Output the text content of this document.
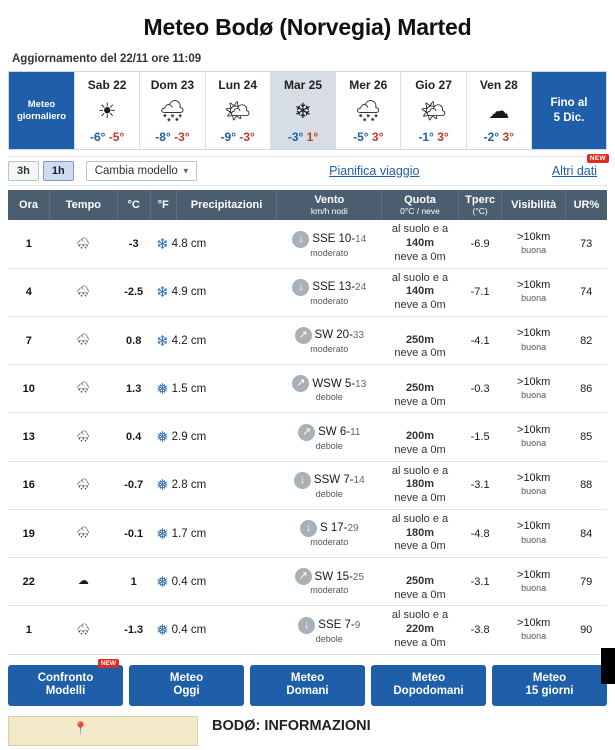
Meteo Bodø (Norvegia) Marted
Aggiornamento del 22/11 ore 11:09
Meteo
giornaliero
Sab 22
☀
-6° -5°
Dom 23
🌨
-8° -3°
Lun 24
🌤
-9° -3°
Mar 25
❄
-3° 1°
Mer 26
🌨
-5° 3°
Gio 27
🌤
-1° 3°
Ven 28
☁
-2° 3°
Fino al
5 Dic.
3h	1h	Cambia modello ▼	Pianifica viaggio	Altri dati
NEW
Ora	Tempo	°C	°F	Precipitazioni	Vento
km/h nodi	Quota
0°C / neve	Tperc
(°C)	Visibilità	UR%
1	🌨	-3	❄ 4.8 cm		↓ SSE 10-14
moderato	al suolo e a
140m
neve a 0m	-6.9	>10km
buona	73
4	🌨	-2.5	❄ 4.9 cm		↓ SSE 13-24
moderato	al suolo e a
140m
neve a 0m	-7.1	>10km
buona	74
7	🌨	0.8	❄ 4.2 cm		↗ SW 20-33
moderato	250m
neve a 0m	-4.1	>10km
buona	82
10	🌨	1.3	❅ 1.5 cm		↗ WSW 5-13
debole	250m
neve a 0m	-0.3	>10km
buona	86
13	🌨	0.4	❅ 2.9 cm		↗ SW 6-11
debole	200m
neve a 0m	-1.5	>10km
buona	85
16	🌨	-0.7	❅ 2.8 cm		↓ SSW 7-14
debole	al suolo e a
180m
neve a 0m	-3.1	>10km
buona	88
19	🌨	-0.1	❅ 1.7 cm		↓ S 17-29
moderato	al suolo e a
180m
neve a 0m	-4.8	>10km
buona	84
22	☁	1	❅ 0.4 cm		↗ SW 15-25
moderato	250m
neve a 0m	-3.1	>10km
buona	79
1	🌨	-1.3	❅ 0.4 cm		↓ SSE 7-9
debole	al suolo e a
220m
neve a 0m	-3.8	>10km
buona	90
NEW
Confronto
Modelli
Meteo
Oggi
Meteo
Domani
Meteo
Dopodomani
Meteo
15 giorni
📍	BODØ: INFORMAZIONI
